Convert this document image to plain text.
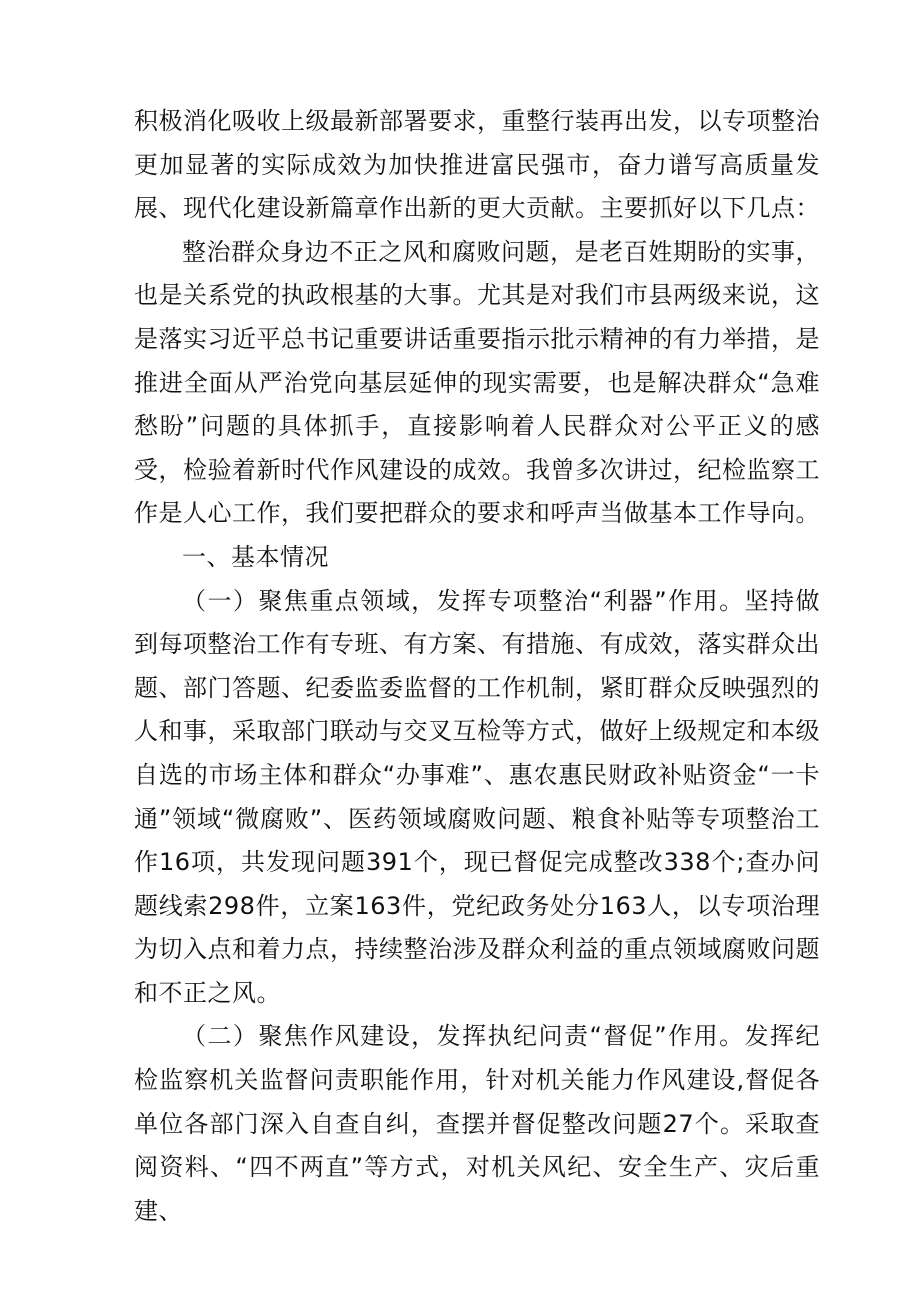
积极消化吸收上级最新部署要求，重整行装再出发，以专项整治更加显著的实际成效为加快推进富民强市，奋力谱写高质量发展、现代化建设新篇章作出新的更大贡献。主要抓好以下几点：

整治群众身边不正之风和腐败问题，是老百姓期盼的实事，也是关系党的执政根基的大事。尤其是对我们市县两级来说，这是落实习近平总书记重要讲话重要指示批示精神的有力举措，是推进全面从严治党向基层延伸的现实需要，也是解决群众“急难愁盼”问题的具体抓手，直接影响着人民群众对公平正义的感受，检验着新时代作风建设的成效。我曾多次讲过，纪检监察工作是人心工作，我们要把群众的要求和呼声当做基本工作导向。

一、基本情况

（一）聚焦重点领域，发挥专项整治“利器”作用。坚持做到每项整治工作有专班、有方案、有措施、有成效，落实群众出题、部门答题、纪委监委监督的工作机制，紧盯群众反映强烈的人和事，采取部门联动与交叉互检等方式，做好上级规定和本级自选的市场主体和群众“办事难”、惠农惠民财政补贴资金“一卡通”领域“微腐败”、医药领域腐败问题、粮食补贴等专项整治工作16项，共发现问题391个，现已督促完成整改338个;查办问题线索298件，立案163件，党纪政务处分163人，以专项治理为切入点和着力点，持续整治涉及群众利益的重点领域腐败问题和不正之风。

（二）聚焦作风建设，发挥执纪问责“督促”作用。发挥纪检监察机关监督问责职能作用，针对机关能力作风建设,督促各单位各部门深入自查自纠，查摆并督促整改问题27个。采取查阅资料、“四不两直”等方式，对机关风纪、安全生产、灾后重建、
